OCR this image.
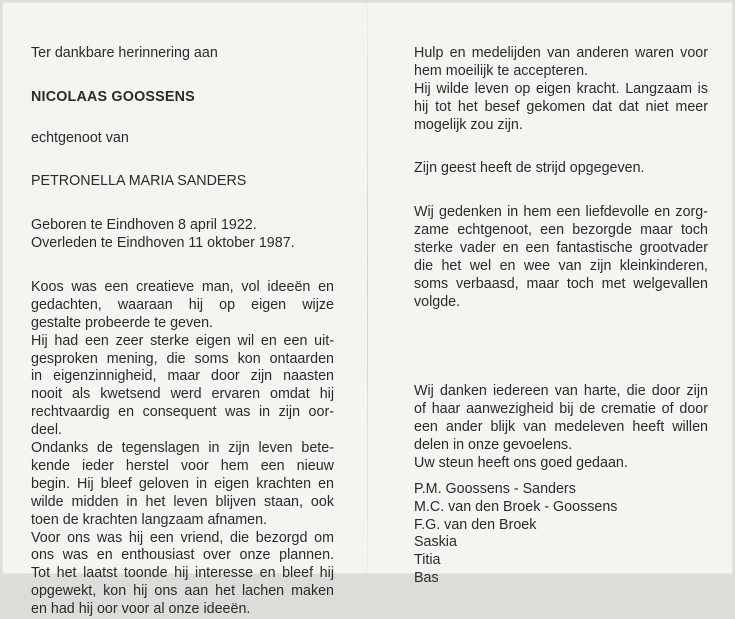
Ter dankbare herinnering aan
NICOLAAS GOOSSENS
echtgenoot van
PETRONELLA MARIA SANDERS
Geboren te Eindhoven 8 april 1922.
Overleden te Eindhoven 11 oktober 1987.
Koos was een creatieve man, vol ideeën en
gedachten, waaraan hij op eigen wijze
gestalte probeerde te geven.
Hij had een zeer sterke eigen wil en een uit-
gesproken mening, die soms kon ontaarden
in eigenzinnigheid, maar door zijn naasten
nooit als kwetsend werd ervaren omdat hij
rechtvaardig en consequent was in zijn oor-
deel.
Ondanks de tegenslagen in zijn leven bete-
kende ieder herstel voor hem een nieuw
begin. Hij bleef geloven in eigen krachten en
wilde midden in het leven blijven staan, ook
toen de krachten langzaam afnamen.
Voor ons was hij een vriend, die bezorgd om
ons was en enthousiast over onze plannen.
Tot het laatst toonde hij interesse en bleef hij
opgewekt, kon hij ons aan het lachen maken
en had hij oor voor al onze ideeën.
Hulp en medelijden van anderen waren voor
hem moeilijk te accepteren.
Hij wilde leven op eigen kracht. Langzaam is
hij tot het besef gekomen dat dat niet meer
mogelijk zou zijn.
Zijn geest heeft de strijd opgegeven.
Wij gedenken in hem een liefdevolle en zorg-
zame echtgenoot, een bezorgde maar toch
sterke vader en een fantastische grootvader
die het wel en wee van zijn kleinkinderen,
soms verbaasd, maar toch met welgevallen
volgde.
Wij danken iedereen van harte, die door zijn
of haar aanwezigheid bij de crematie of door
een ander blijk van medeleven heeft willen
delen in onze gevoelens.
Uw steun heeft ons goed gedaan.
P.M. Goossens - Sanders
M.C. van den Broek - Goossens
F.G. van den Broek
Saskia
Titia
Bas
